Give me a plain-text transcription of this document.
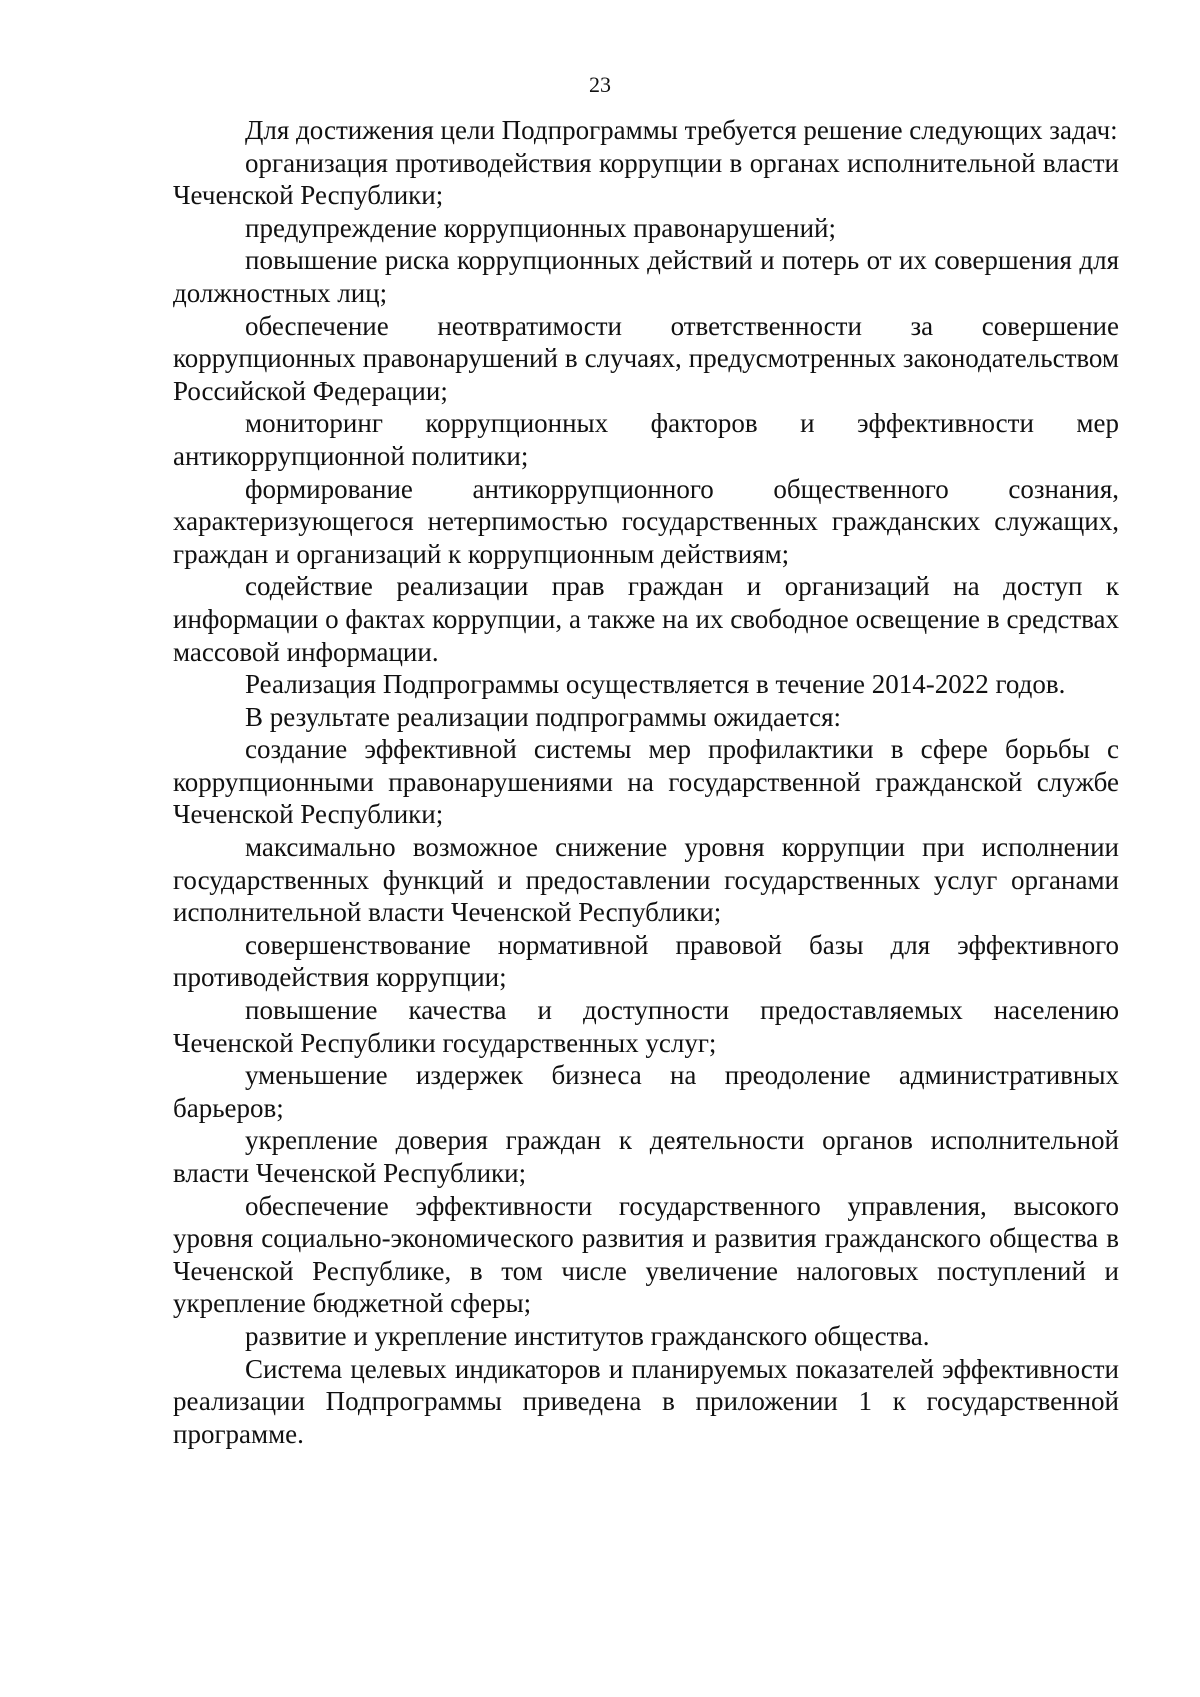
23

Для достижения цели Подпрограммы требуется решение следующих задач:

организация противодействия коррупции в органах исполнительной власти Чеченской Республики;

предупреждение коррупционных правонарушений;

повышение риска коррупционных действий и потерь от их совершения для должностных лиц;

обеспечение неотвратимости ответственности за совершение коррупционных правонарушений в случаях, предусмотренных законодательством Российской Федерации;

мониторинг коррупционных факторов и эффективности мер антикоррупционной политики;

формирование антикоррупционного общественного сознания, характеризующегося нетерпимостью государственных гражданских служащих, граждан и организаций к коррупционным действиям;

содействие реализации прав граждан и организаций на доступ к информации о фактах коррупции, а также на их свободное освещение в средствах массовой информации.

Реализация Подпрограммы осуществляется в течение 2014-2022 годов.

В результате реализации подпрограммы ожидается:

создание эффективной системы мер профилактики в сфере борьбы с коррупционными правонарушениями на государственной гражданской службе Чеченской Республики;

максимально возможное снижение уровня коррупции при исполнении государственных функций и предоставлении государственных услуг органами исполнительной власти Чеченской Республики;

совершенствование нормативной правовой базы для эффективного противодействия коррупции;

повышение качества и доступности предоставляемых населению Чеченской Республики государственных услуг;

уменьшение издержек бизнеса на преодоление административных барьеров;

укрепление доверия граждан к деятельности органов исполнительной власти Чеченской Республики;

обеспечение эффективности государственного управления, высокого уровня социально-экономического развития и развития гражданского общества в Чеченской Республике, в том числе увеличение налоговых поступлений и укрепление бюджетной сферы;

развитие и укрепление институтов гражданского общества.

Система целевых индикаторов и планируемых показателей эффективности реализации Подпрограммы приведена в приложении 1 к государственной программе.
